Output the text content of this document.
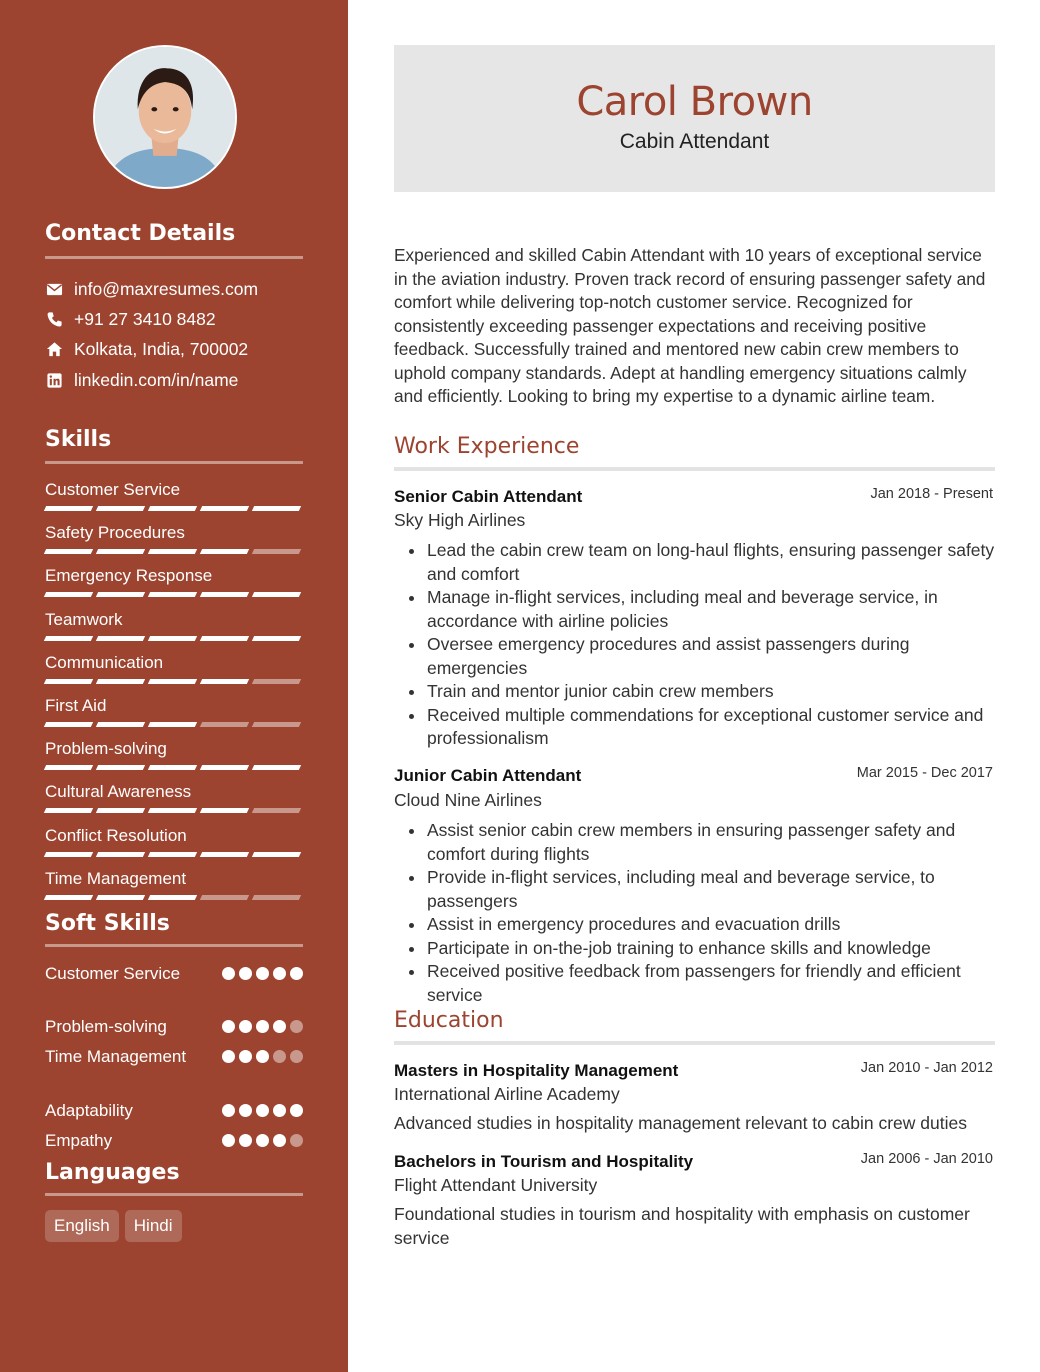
Contact Details
info@maxresumes.com
+91 27 3410 8482
Kolkata, India, 700002
linkedin.com/in/name
Skills
Customer Service
Safety Procedures
Emergency Response
Teamwork
Communication
First Aid
Problem-solving
Cultural Awareness
Conflict Resolution
Time Management
Soft Skills
Customer Service
Problem-solving
Time Management
Adaptability
Empathy
Languages
English	Hindi
Carol Brown
Cabin Attendant

Experienced and skilled Cabin Attendant with 10 years of exceptional service in the aviation industry. Proven track record of ensuring passenger safety and comfort while delivering top-notch customer service. Recognized for consistently exceeding passenger expectations and receiving positive feedback. Successfully trained and mentored new cabin crew members to uphold company standards. Adept at handling emergency situations calmly and efficiently. Looking to bring my expertise to a dynamic airline team.

Work Experience
Senior Cabin Attendant	Jan 2018 - Present
Sky High Airlines
Lead the cabin crew team on long-haul flights, ensuring passenger safety and comfort
Manage in-flight services, including meal and beverage service, in accordance with airline policies
Oversee emergency procedures and assist passengers during emergencies
Train and mentor junior cabin crew members
Received multiple commendations for exceptional customer service and professionalism
Junior Cabin Attendant	Mar 2015 - Dec 2017
Cloud Nine Airlines
Assist senior cabin crew members in ensuring passenger safety and comfort during flights
Provide in-flight services, including meal and beverage service, to passengers
Assist in emergency procedures and evacuation drills
Participate in on-the-job training to enhance skills and knowledge
Received positive feedback from passengers for friendly and efficient service
Education
Masters in Hospitality Management	Jan 2010 - Jan 2012
International Airline Academy

Advanced studies in hospitality management relevant to cabin crew duties

Bachelors in Tourism and Hospitality	Jan 2006 - Jan 2010
Flight Attendant University

Foundational studies in tourism and hospitality with emphasis on customer service
